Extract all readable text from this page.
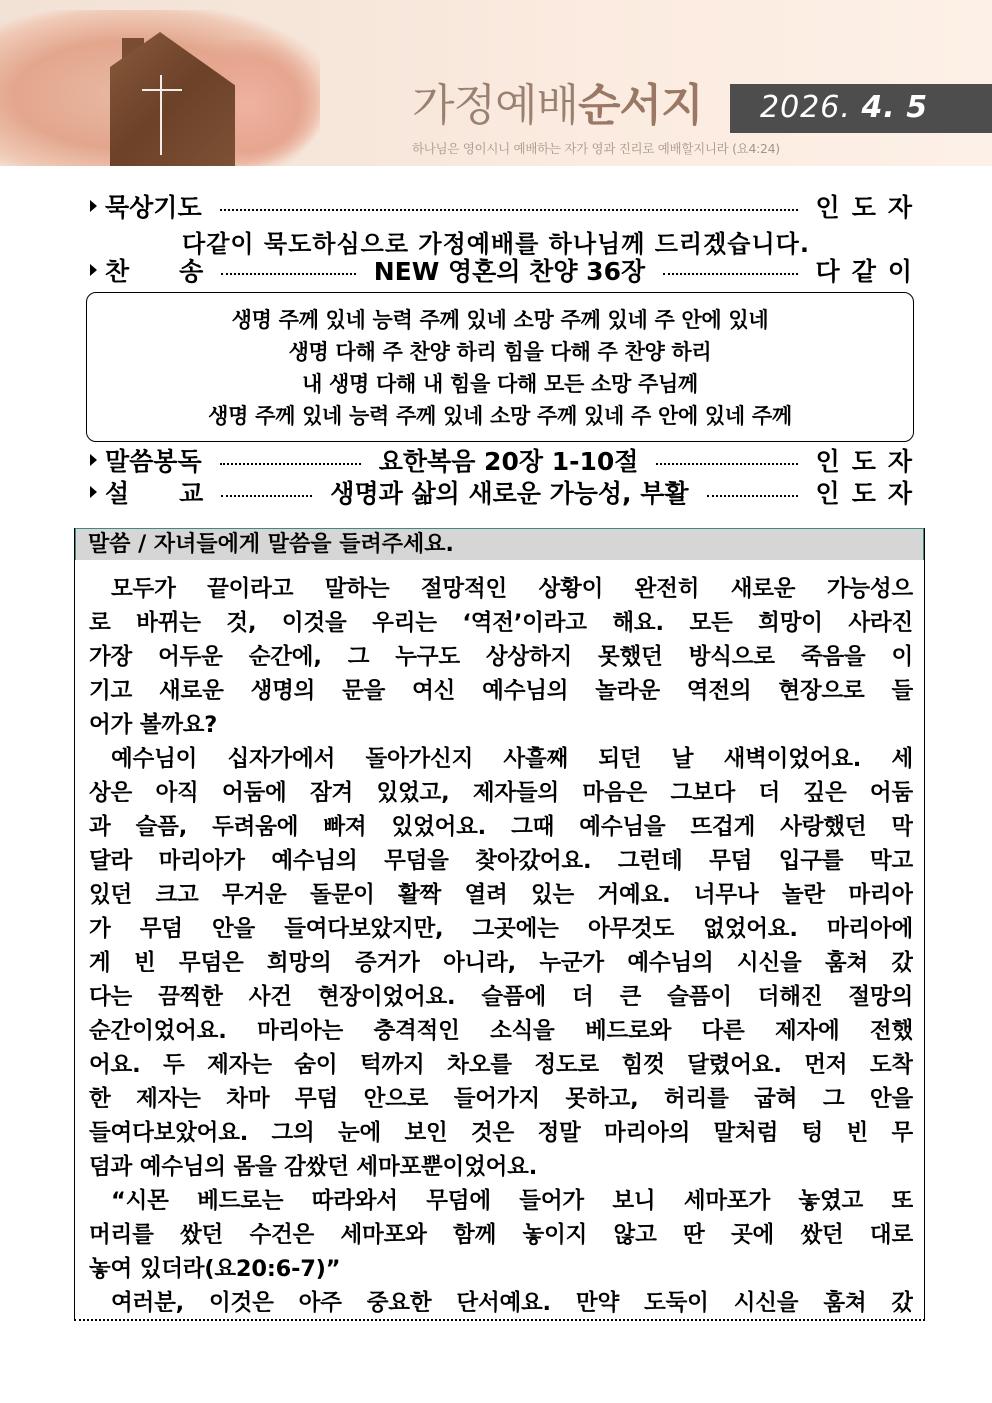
가정예배순서지 2026. 4. 5
하나님은 영이시니 예배하는 자가 영과 진리로 예배할지니라 (요4:24)
묵상기도	인도자
다같이 묵도하심으로 가정예배를 하나님께 드리겠습니다.
찬　　송	NEW 영혼의 찬양 36장	다같이
생명 주께 있네 능력 주께 있네 소망 주께 있네 주 안에 있네
생명 다해 주 찬양 하리 힘을 다해 주 찬양 하리
내 생명 다해 내 힘을 다해 모든 소망 주님께
생명 주께 있네 능력 주께 있네 소망 주께 있네 주 안에 있네 주께
말씀봉독	요한복음 20장 1-10절	인도자
설　　교	생명과 삶의 새로운 가능성, 부활	인도자
말씀 / 자녀들에게 말씀을 들려주세요.
모두가 끝이라고 말하는 절망적인 상황이 완전히 새로운 가능성으
로 바뀌는 것, 이것을 우리는 ‘역전’이라고 해요. 모든 희망이 사라진
가장 어두운 순간에, 그 누구도 상상하지 못했던 방식으로 죽음을 이
기고 새로운 생명의 문을 여신 예수님의 놀라운 역전의 현장으로 들
어가 볼까요?
예수님이 십자가에서 돌아가신지 사흘째 되던 날 새벽이었어요. 세
상은 아직 어둠에 잠겨 있었고, 제자들의 마음은 그보다 더 깊은 어둠
과 슬픔, 두려움에 빠져 있었어요. 그때 예수님을 뜨겁게 사랑했던 막
달라 마리아가 예수님의 무덤을 찾아갔어요. 그런데 무덤 입구를 막고
있던 크고 무거운 돌문이 활짝 열려 있는 거예요. 너무나 놀란 마리아
가 무덤 안을 들여다보았지만, 그곳에는 아무것도 없었어요. 마리아에
게 빈 무덤은 희망의 증거가 아니라, 누군가 예수님의 시신을 훔쳐 갔
다는 끔찍한 사건 현장이었어요. 슬픔에 더 큰 슬픔이 더해진 절망의
순간이었어요. 마리아는 충격적인 소식을 베드로와 다른 제자에 전했
어요. 두 제자는 숨이 턱까지 차오를 정도로 힘껏 달렸어요. 먼저 도착
한 제자는 차마 무덤 안으로 들어가지 못하고, 허리를 굽혀 그 안을
들여다보았어요. 그의 눈에 보인 것은 정말 마리아의 말처럼 텅 빈 무
덤과 예수님의 몸을 감쌌던 세마포뿐이었어요.
“시몬 베드로는 따라와서 무덤에 들어가 보니 세마포가 놓였고 또
머리를 쌌던 수건은 세마포와 함께 놓이지 않고 딴 곳에 쌌던 대로
놓여 있더라(요20:6-7)”
여러분, 이것은 아주 중요한 단서예요. 만약 도둑이 시신을 훔쳐 갔
